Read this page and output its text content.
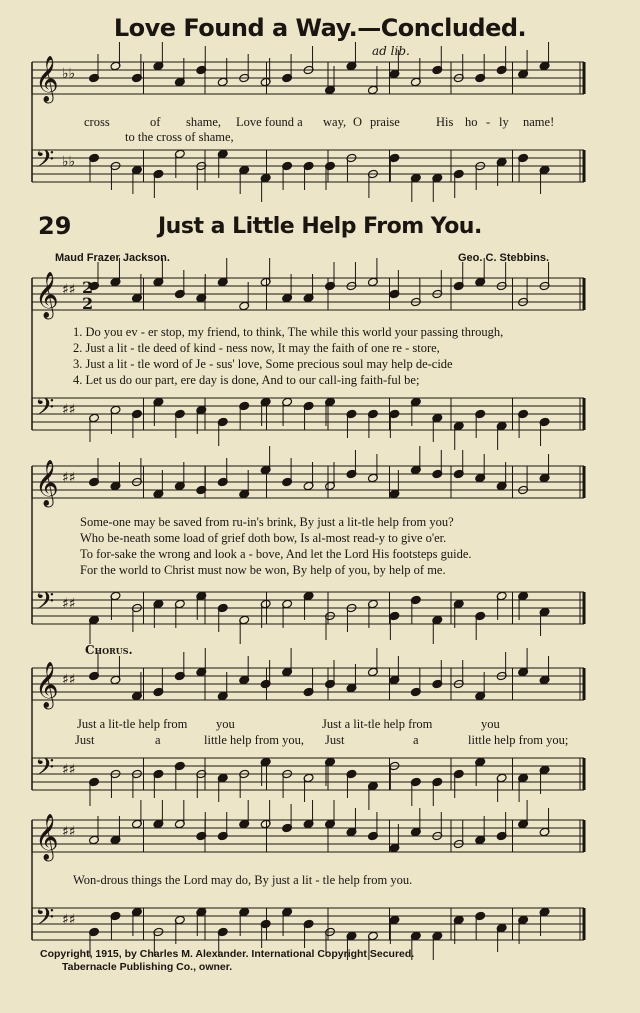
𝄞 ♭♭
𝄢 ♭♭
𝄞 ♯♯
𝄢 ♯♯
2
2
𝄞 ♯♯
𝄢 ♯♯
𝄞 ♯♯
𝄢 ♯♯
𝄞 ♯♯
𝄢 ♯♯
Love Found a Way.—Concluded.
ad lib.
cross	of shame, Love found a way, O praise	His ho - ly name!
to the cross of shame,
29	Just a Little Help From You.
Maud Frazer Jackson.	Geo. C. Stebbins.
1. Do you ev - er stop, my friend, to think, The while this world your passing through,
2. Just a lit - tle deed of kind - ness now, It may the faith of one re - store,
3. Just a lit - tle word of Je - sus' love, Some precious soul may help de-cide
4. Let us do our part, ere day is done, And to our call-ing faith-ful be;
Some-one may be saved from ru-in's brink, By just a lit-tle help from you?
Who be-neath some load of grief doth bow, Is al-most read-y to give o'er.
To for-sake the wrong and look a - bove, And let the Lord His footsteps guide.
For the world to Christ must now be won, By help of you, by help of me.
Chorus.
Just a lit-tle help from you	Just a lit-tle help from	you
Just	a	little help from you, Just	a	little help from you;
Won-drous things the Lord may do, By just a lit - tle help from you.
Copyright, 1915, by Charles M. Alexander. International Copyright Secured.
Tabernacle Publishing Co., owner.
